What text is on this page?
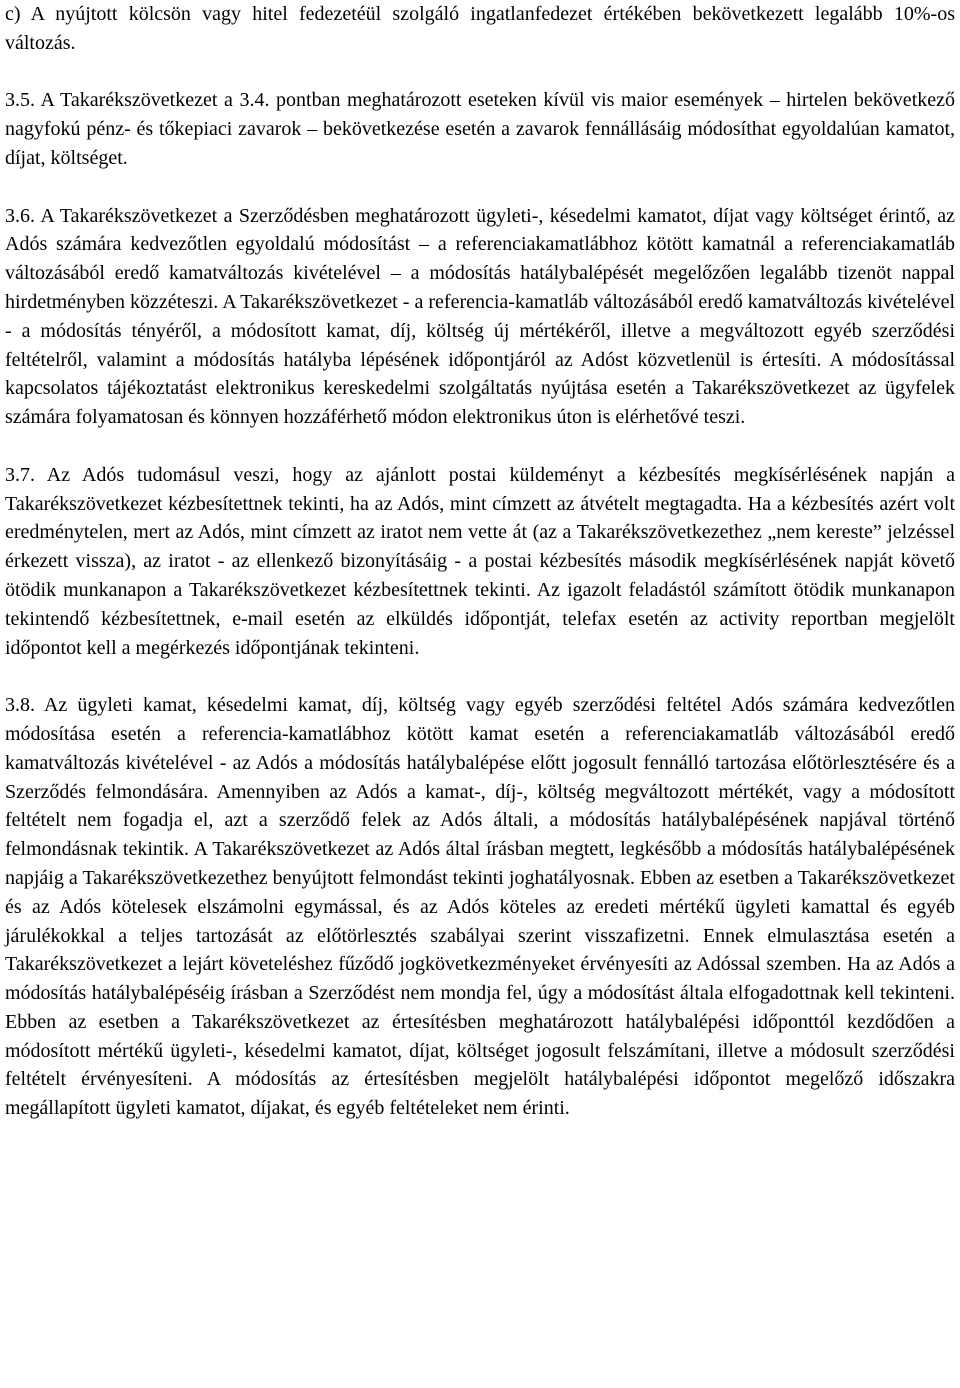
c) A nyújtott kölcsön vagy hitel fedezetéül szolgáló ingatlanfedezet értékében bekövetkezett legalább 10%-os változás.

3.5. A Takarékszövetkezet a 3.4. pontban meghatározott eseteken kívül vis maior események – hirtelen bekövetkező nagyfokú pénz- és tőkepiaci zavarok – bekövetkezése esetén a zavarok fennállásáig módosíthat egyoldalúan kamatot, díjat, költséget.

3.6. A Takarékszövetkezet a Szerződésben meghatározott ügyleti-, késedelmi kamatot, díjat vagy költséget érintő, az Adós számára kedvezőtlen egyoldalú módosítást – a referenciakamatlábhoz kötött kamatnál a referenciakamatláb változásából eredő kamatváltozás kivételével – a módosítás hatálybalépését megelőzően legalább tizenöt nappal hirdetményben közzéteszi. A Takarékszövetkezet - a referencia-kamatláb változásából eredő kamatváltozás kivételével - a módosítás tényéről, a módosított kamat, díj, költség új mértékéről, illetve a megváltozott egyéb szerződési feltételről, valamint a módosítás hatályba lépésének időpontjáról az Adóst közvetlenül is értesíti. A módosítással kapcsolatos tájékoztatást elektronikus kereskedelmi szolgáltatás nyújtása esetén a Takarékszövetkezet az ügyfelek számára folyamatosan és könnyen hozzáférhető módon elektronikus úton is elérhetővé teszi.

3.7. Az Adós tudomásul veszi, hogy az ajánlott postai küldeményt a kézbesítés megkísérlésének napján a Takarékszövetkezet kézbesítettnek tekinti, ha az Adós, mint címzett az átvételt megtagadta. Ha a kézbesítés azért volt eredménytelen, mert az Adós, mint címzett az iratot nem vette át (az a Takarékszövetkezethez „nem kereste” jelzéssel érkezett vissza), az iratot - az ellenkező bizonyításáig - a postai kézbesítés második megkísérlésének napját követő ötödik munkanapon a Takarékszövetkezet kézbesítettnek tekinti. Az igazolt feladástól számított ötödik munkanapon tekintendő kézbesítettnek, e-mail esetén az elküldés időpontját, telefax esetén az activity reportban megjelölt időpontot kell a megérkezés időpontjának tekinteni.

3.8. Az ügyleti kamat, késedelmi kamat, díj, költség vagy egyéb szerződési feltétel Adós számára kedvezőtlen módosítása esetén a referencia-kamatlábhoz kötött kamat esetén a referenciakamatláb változásából eredő kamatváltozás kivételével - az Adós a módosítás hatálybalépése előtt jogosult fennálló tartozása előtörlesztésére és a Szerződés felmondására. Amennyiben az Adós a kamat-, díj-, költség megváltozott mértékét, vagy a módosított feltételt nem fogadja el, azt a szerződő felek az Adós általi, a módosítás hatálybalépésének napjával történő felmondásnak tekintik. A Takarékszövetkezet az Adós által írásban megtett, legkésőbb a módosítás hatálybalépésének napjáig a Takarékszövetkezethez benyújtott felmondást tekinti joghatályosnak. Ebben az esetben a Takarékszövetkezet és az Adós kötelesek elszámolni egymással, és az Adós köteles az eredeti mértékű ügyleti kamattal és egyéb járulékokkal a teljes tartozását az előtörlesztés szabályai szerint visszafizetni. Ennek elmulasztása esetén a Takarékszövetkezet a lejárt követeléshez fűződő jogkövetkezményeket érvényesíti az Adóssal szemben. Ha az Adós a módosítás hatálybalépéséig írásban a Szerződést nem mondja fel, úgy a módosítást általa elfogadottnak kell tekinteni. Ebben az esetben a Takarékszövetkezet az értesítésben meghatározott hatálybalépési időponttól kezdődően a módosított mértékű ügyleti-, késedelmi kamatot, díjat, költséget jogosult felszámítani, illetve a módosult szerződési feltételt érvényesíteni. A módosítás az értesítésben megjelölt hatálybalépési időpontot megelőző időszakra megállapított ügyleti kamatot, díjakat, és egyéb feltételeket nem érinti.
